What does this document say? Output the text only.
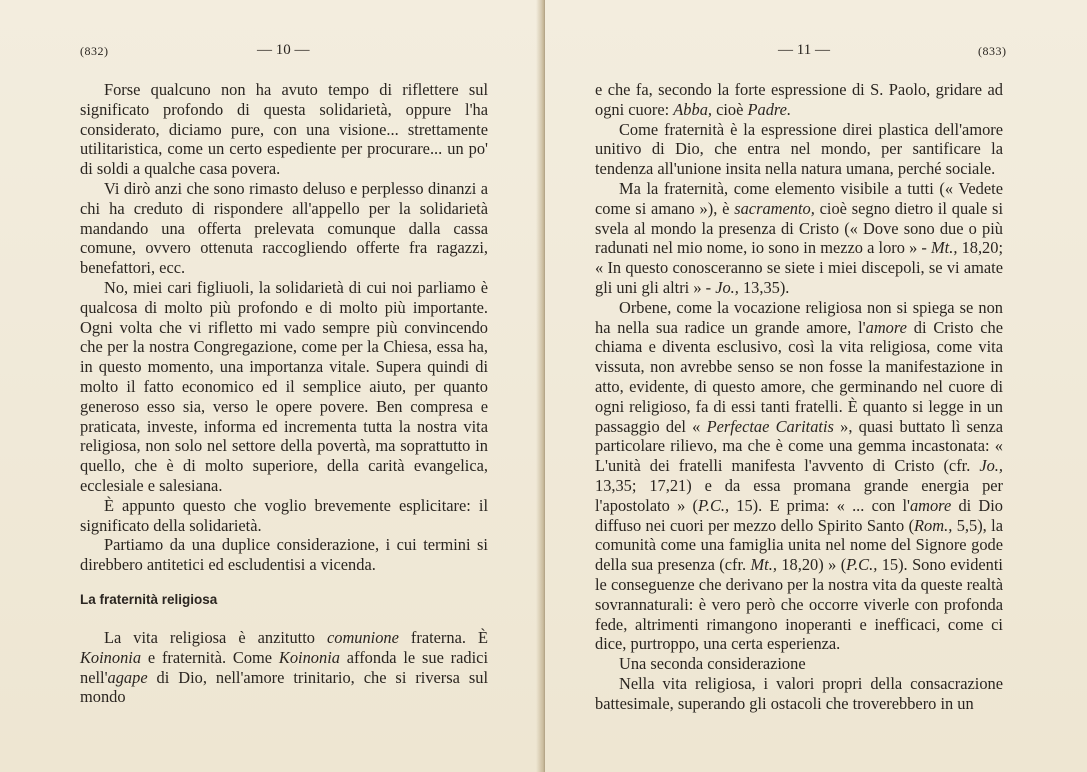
(832)	— 10 —

Forse qualcuno non ha avuto tempo di riflettere sul significato profondo di questa solidarietà, oppure l'ha considerato, diciamo pure, con una visione... strettamente utilitaristica, come un certo espediente per procurare... un po' di soldi a qualche casa povera.

Vi dirò anzi che sono rimasto deluso e perplesso dinanzi a chi ha creduto di rispondere all'appello per la solidarietà mandando una offerta prelevata comunque dalla cassa comune, ovvero ottenuta raccogliendo offerte fra ragazzi, benefattori, ecc.

No, miei cari figliuoli, la solidarietà di cui noi parliamo è qualcosa di molto più profondo e di molto più importante. Ogni volta che vi rifletto mi vado sempre più convincendo che per la nostra Congregazione, come per la Chiesa, essa ha, in questo momento, una importanza vitale. Supera quindi di molto il fatto economico ed il semplice aiuto, per quanto generoso esso sia, verso le opere povere. Ben compresa e praticata, investe, informa ed incrementa tutta la nostra vita religiosa, non solo nel settore della povertà, ma soprattutto in quello, che è di molto superiore, della carità evangelica, ecclesiale e salesiana.

È appunto questo che voglio brevemente esplicitare: il significato della solidarietà.

Partiamo da una duplice considerazione, i cui termini si direbbero antitetici ed escludentisi a vicenda.

La fraternità religiosa

La vita religiosa è anzitutto comunione fraterna. È Koinonia e fraternità. Come Koinonia affonda le sue radici nell'agape di Dio, nell'amore trinitario, che si riversa sul mondo

— 11 —	(833)

e che fa, secondo la forte espressione di S. Paolo, gridare ad ogni cuore: Abba, cioè Padre.

Come fraternità è la espressione direi plastica dell'amore unitivo di Dio, che entra nel mondo, per santificare la tendenza all'unione insita nella natura umana, perché sociale.

Ma la fraternità, come elemento visibile a tutti (« Vedete come si amano »), è sacramento, cioè segno dietro il quale si svela al mondo la presenza di Cristo (« Dove sono due o più radunati nel mio nome, io sono in mezzo a loro » - Mt., 18,20; « In questo conosceranno se siete i miei discepoli, se vi amate gli uni gli altri » - Jo., 13,35).

Orbene, come la vocazione religiosa non si spiega se non ha nella sua radice un grande amore, l'amore di Cristo che chiama e diventa esclusivo, così la vita religiosa, come vita vissuta, non avrebbe senso se non fosse la manifestazione in atto, evidente, di questo amore, che germinando nel cuore di ogni religioso, fa di essi tanti fratelli. È quanto si legge in un passaggio del « Perfectae Caritatis », quasi buttato lì senza particolare rilievo, ma che è come una gemma incastonata: « L'unità dei fratelli manifesta l'avvento di Cristo (cfr. Jo., 13,35; 17,21) e da essa promana grande energia per l'apostolato » (P.C., 15). E prima: « ... con l'amore di Dio diffuso nei cuori per mezzo dello Spirito Santo (Rom., 5,5), la comunità come una famiglia unita nel nome del Signore gode della sua presenza (cfr. Mt., 18,20) » (P.C., 15). Sono evidenti le conseguenze che derivano per la nostra vita da queste realtà sovrannaturali: è vero però che occorre viverle con profonda fede, altrimenti rimangono inoperanti e inefficaci, come ci dice, purtroppo, una certa esperienza.

Una seconda considerazione

Nella vita religiosa, i valori propri della consacrazione battesimale, superando gli ostacoli che troverebbero in un
